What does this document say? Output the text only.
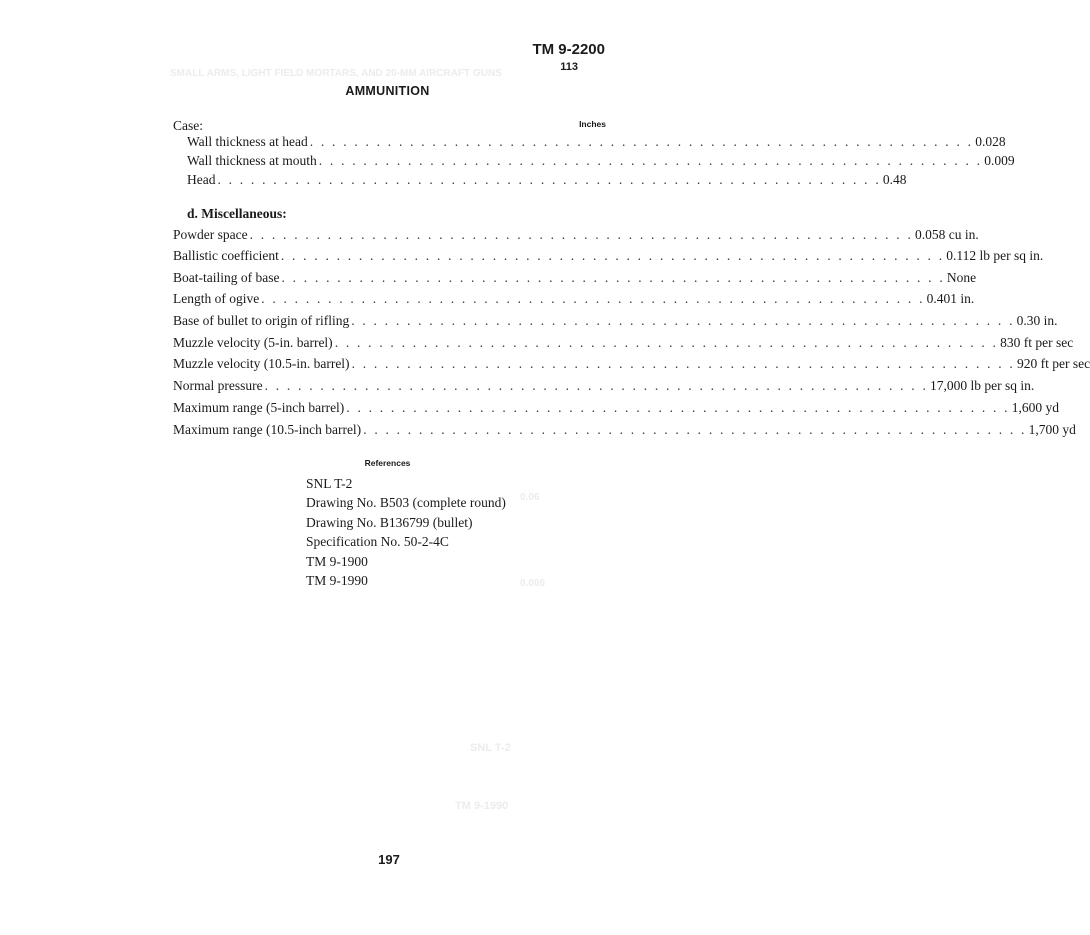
SMALL ARMS, LIGHT FIELD MORTARS, AND 20-MM AIRCRAFT GUNS
0.06
0.006
SNL T-2
TM 9-1990
TM 9-2200
113
AMMUNITION
Case:	Inches
Wall thickness at head . . . . . . . . . . . . . . . . . . . . . . . . . . . . . . . . . . . . . . . . . . . . . . . . . . . . . . . . . . . . 0.028
Wall thickness at mouth . . . . . . . . . . . . . . . . . . . . . . . . . . . . . . . . . . . . . . . . . . . . . . . . . . . . . . . . . . . . 0.009
Head . . . . . . . . . . . . . . . . . . . . . . . . . . . . . . . . . . . . . . . . . . . . . . . . . . . . . . . . . . . . 0.48
d. Miscellaneous:
Powder space . . . . . . . . . . . . . . . . . . . . . . . . . . . . . . . . . . . . . . . . . . . . . . . . . . . . . . . . . . . . 0.058 cu in.
Ballistic coefficient . . . . . . . . . . . . . . . . . . . . . . . . . . . . . . . . . . . . . . . . . . . . . . . . . . . . . . . . . . . . 0.112 lb per sq in.
Boat-tailing of base . . . . . . . . . . . . . . . . . . . . . . . . . . . . . . . . . . . . . . . . . . . . . . . . . . . . . . . . . . . . None
Length of ogive . . . . . . . . . . . . . . . . . . . . . . . . . . . . . . . . . . . . . . . . . . . . . . . . . . . . . . . . . . . . 0.401 in.
Base of bullet to origin of rifling . . . . . . . . . . . . . . . . . . . . . . . . . . . . . . . . . . . . . . . . . . . . . . . . . . . . . . . . . . . . 0.30 in.
Muzzle velocity (5-in. barrel) . . . . . . . . . . . . . . . . . . . . . . . . . . . . . . . . . . . . . . . . . . . . . . . . . . . . . . . . . . . . 830 ft per sec
Muzzle velocity (10.5-in. barrel) . . . . . . . . . . . . . . . . . . . . . . . . . . . . . . . . . . . . . . . . . . . . . . . . . . . . . . . . . . . . 920 ft per sec
Normal pressure . . . . . . . . . . . . . . . . . . . . . . . . . . . . . . . . . . . . . . . . . . . . . . . . . . . . . . . . . . . . 17,000 lb per sq in.
Maximum range (5-inch barrel) . . . . . . . . . . . . . . . . . . . . . . . . . . . . . . . . . . . . . . . . . . . . . . . . . . . . . . . . . . . . 1,600 yd
Maximum range (10.5-inch barrel) . . . . . . . . . . . . . . . . . . . . . . . . . . . . . . . . . . . . . . . . . . . . . . . . . . . . . . . . . . . . 1,700 yd
References
SNL T-2
Drawing No. B503 (complete round)
Drawing No. B136799 (bullet)
Specification No. 50-2-4C
TM 9-1900
TM 9-1990
197
